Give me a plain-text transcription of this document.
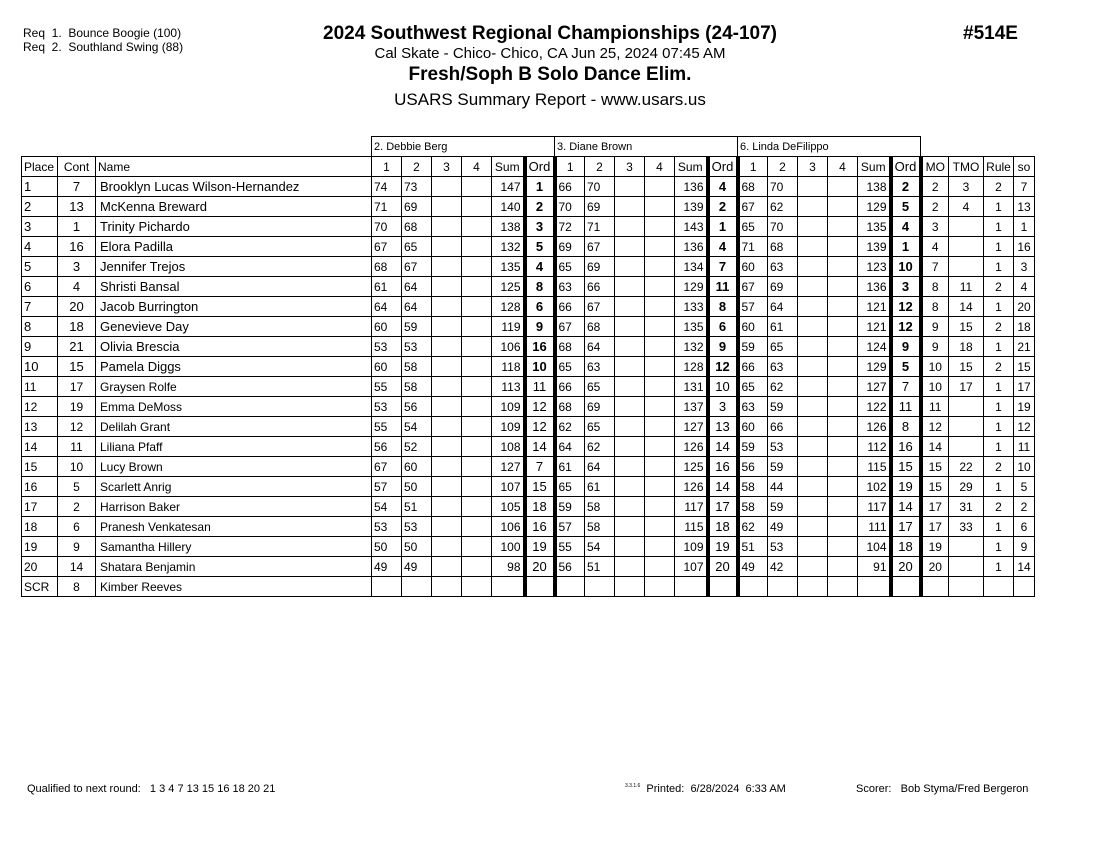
Req  1.  Bounce Boogie (100)
Req  2.  Southland Swing (88)
2024 Southwest Regional Championships (24-107)
Cal Skate - Chico- Chico, CA Jun 25, 2024 07:45 AM
Fresh/Soph B Solo Dance Elim.
USARS Summary Report - www.usars.us
#514E
			2. Debbie Berg						3. Diane Brown						6. Linda DeFilippo									
Place	Cont	Name	1	2	3	4	Sum	Ord	1	2	3	4	Sum	Ord	1	2	3	4	Sum	Ord	MO	TMO	Rule	so
1	7	Brooklyn Lucas Wilson-Hernandez	74	73			147	1	66	70			136	4	68	70			138	2	2	3	2	7
2	13	McKenna Breward	71	69			140	2	70	69			139	2	67	62			129	5	2	4	1	13
3	1	Trinity Pichardo	70	68			138	3	72	71			143	1	65	70			135	4	3		1	1
4	16	Elora Padilla	67	65			132	5	69	67			136	4	71	68			139	1	4		1	16
5	3	Jennifer Trejos	68	67			135	4	65	69			134	7	60	63			123	10	7		1	3
6	4	Shristi Bansal	61	64			125	8	63	66			129	11	67	69			136	3	8	11	2	4
7	20	Jacob Burrington	64	64			128	6	66	67			133	8	57	64			121	12	8	14	1	20
8	18	Genevieve Day	60	59			119	9	67	68			135	6	60	61			121	12	9	15	2	18
9	21	Olivia Brescia	53	53			106	16	68	64			132	9	59	65			124	9	9	18	1	21
10	15	Pamela Diggs	60	58			118	10	65	63			128	12	66	63			129	5	10	15	2	15
11	17	Graysen Rolfe	55	58			113	11	66	65			131	10	65	62			127	7	10	17	1	17
12	19	Emma DeMoss	53	56			109	12	68	69			137	3	63	59			122	11	11		1	19
13	12	Delilah Grant	55	54			109	12	62	65			127	13	60	66			126	8	12		1	12
14	11	Liliana Pfaff	56	52			108	14	64	62			126	14	59	53			112	16	14		1	11
15	10	Lucy Brown	67	60			127	7	61	64			125	16	56	59			115	15	15	22	2	10
16	5	Scarlett Anrig	57	50			107	15	65	61			126	14	58	44			102	19	15	29	1	5
17	2	Harrison Baker	54	51			105	18	59	58			117	17	58	59			117	14	17	31	2	2
18	6	Pranesh Venkatesan	53	53			106	16	57	58			115	18	62	49			111	17	17	33	1	6
19	9	Samantha Hillery	50	50			100	19	55	54			109	19	51	53			104	18	19		1	9
20	14	Shatara Benjamin	49	49			98	20	56	51			107	20	49	42			91	20	20		1	14
SCR	8	Kimber Reeves																						
Qualified to next round: 1 3 4 7 13 15 16 18 20 21	$^{3.3.1.6}$ Printed:  6/28/2024  6:33 AM	Scorer:   Bob Styma/Fred Bergeron
